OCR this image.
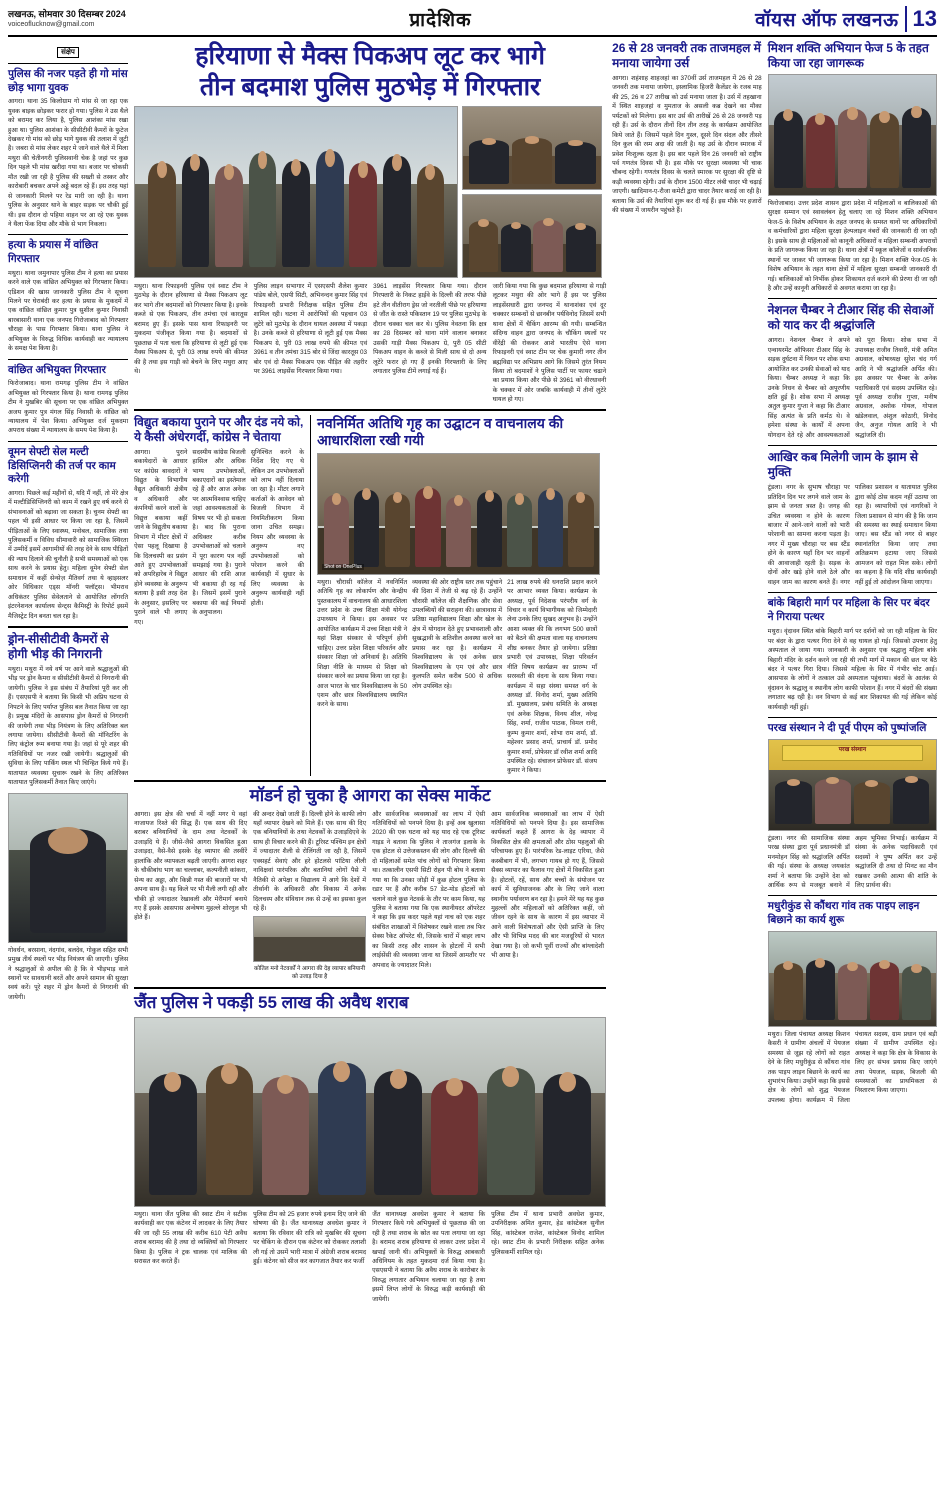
लखनऊ, सोमवार 30 दिसम्बर 2024
voiceoflucknow@gmail.com	प्रादेशिक	वॉयस ऑफ लखनऊ 13
संक्षेप
पुलिस की नजर पड़ते ही गो मांस छोड़ भागा युवक
आगरा। थाना 35 किलोग्राम गो मांस से जा रहा एक युवक बाइक छोड़कर फरार हो गया। पुलिस ने उस थैले को बरामद कर लिया है, पुलिस आशंका मांस रखा हुआ था। पुलिस आशंका के सीसीटीवी कैमरों के फुटेज देखकर गो मांस को छोड़ भागे युवक की तलाश में जुटी है। जबरा से मांस लेकर शहर मे जाने वाले थैले में मिला मथुरा की चेतीनगरी पुलिसवानी चेक है जहां पर कुछ दिन पहले भी मांस खरीदा गया था। बजार पर चोकसी मौत रखी जा रही है पुलिस की सख्ती से तस्कर और कारोबारी बचकर अपने अड्डे बदल रहे हैं। इस तरह यहां से जानकारी मिलने पर रेड मारी जा रही है। थाना पुलिस के अनुसार थाने के बाहर सड़क पर चौकी हुई थी। इस दौरान दो पहिया वाहन पर आ रहे एक युवक ने थैला फेंक दिया और मौके से भाग निकला।
हत्या के प्रयास में वांछित गिरफ्तार
मथुरा। थाना जमुनापार पुलिस टीम ने हत्या का प्रयास करने वाले एक वांछित अभियुक्त को गिरफ्तार किया। एडिशन की खास जानकारी पुलिस टीम ने सूचना मिलने पर घेराबंदी कर हत्या के प्रयास के मुकदमें में एक वांछित वांछित कुमार पुत्र सुशील कुमार निवासी बारबासारी थाना एक जनपद गिरोजाबाद को गिरफ्तार चौराहा के पास गिरफ्तार किया। थाना पुलिस ने अभियुक्त के विरुद्ध विधिक कार्यवाही कर न्यायालय के समक्ष पेश किया है।
वांछित अभियुक्त गिरफ्तार
फिरोजाबाद। थाना रामगढ़ पुलिस टीम ने वांछित अभियुक्त को गिरफ्तार किया है। थाना रामगढ़ पुलिस टीम ने मुखबिर की सूचना पर एक वांछित अभियुक्त अजय कुमार पुत्र मंगल सिंह निवासी के वांछित को न्यायालय में पेश किया। अभियुक्त दर्ज मुकदमा अपराध संख्या में न्यायालय के समय पेश किया है।
वूमन सेफ्टी सेल मल्टी डिसिप्लिनरी की तर्ज पर काम करेगी
आगरा। पिछले कई महीनों से, यदि मैं नहीं, तो मेरे क्षेत्र में मल्टीडिसिप्लिनरी को काम में रखने हुए वर्ष करने से संभावनाओं को बढ़ावा जा सकता है। चुनम सेफ्टी का पहल भी इसी आधार पर किया जा रहा है, जिसमें पीड़िताओं के लिए स्वास्थ्य, मनोबल, सामाजिक तथा पुलिसकर्मी व विविध सीमावारी को सामाजिक स्थिरता में उम्मीदें इसमें आगामीयों की तरह देने के साथ पीड़ितों की न्याय दिलाने की चुनौती है सभी समस्याओं को एक साथ करने के प्रयास हेतु। महिला वूमेन सेफ्टी सेल समाधान में कहीं सेन्सेज़ मैतिवर्ग तथा ये व्हाइसलर ओर विधिकार एड्स मॉनरी फ्लॉट्स। भीमराव अधिकंतर पुलिस सेवेलताने से आयोजित लोंगरति इंटरनेशनल कार्यालय सेन्ट्स कैमिस्ट्री के रिपोर्ट इसमें मैजिस्ट्रेट दिन बनता चल रहा है।
ड्रोन-सीसीटीवी कैमरों से होगी भीड़ की निगरानी
मथुरा। मथुरा में नये वर्ष पर आने वाले श्रद्धालुओं की भीड़ पर ड्रोन कैमरा व सीसीटीवी कैमरों से निगरानी की जायेगी। पुलिस ने इस संबंध में तैयारियां पूरी कर ली हैं। एसएसपी ने बताया कि किसी भी अप्रिय घटना से निपटने के लिए पर्याप्त पुलिस बल तैनात किया जा रहा है। प्रमुख मंदिरों के आसपास ड्रोन कैमरों से निगरानी की जायेगी तथा भीड़ नियंत्रण के लिए अतिरिक्त बल लगाया जायेगा। सीसीटीवी कैमरों की मॉनिटरिंग के लिए कंट्रोल रूम बनाया गया है। जहां से पूरे शहर की गतिविधियों पर नजर रखी जायेगी। श्रद्धालुओं की सुविधा के लिए पार्किंग स्थल भी चिन्हित किये गये हैं। यातायात व्यवस्था सुचारू रखने के लिए अतिरिक्त यातायात पुलिसकर्मी तैनात किए जाएंगे।
गोवर्धन, बरसाना, नंदगांव, बलदेव, गोकुल सहित सभी प्रमुख तीर्थ स्थलों पर भीड़ नियंत्रण की जाएगी। पुलिस ने श्रद्धालुओं से अपील की है कि वे भीड़भाड़ वाले स्थानों पर सावधानी बरतें और अपने सामान की सुरक्षा स्वयं करें। पूरे शहर में ड्रोन कैमरों से निगरानी की जायेगी।
हरियाणा से मैक्स पिकअप लूट कर भागे
तीन बदमाश पुलिस मुठभेड़ में गिरफ्तार
मथुरा। थाना रिफाइनरी पुलिस एवं स्वाट टीम ने मुठभेड़ के दौरान हरियाणा से मैक्स पिकअप लूट कर भागे तीन बदमाशों को गिरफ्तार किया है। इनके कब्जे से एक पिकअप, तीन तमंचा एवं कारतूस बरामद हुए हैं। इसके पास थाना रिफाइनरी पर मुकदमा पंजीकृत किया गया है। बदमाशों से पूछताछ में पता चला कि हरियाणा से लूटी हुई एक मैक्स पिकअप ग्रे, पुरी 03 लाख रुपये की कीमत की है तथा इस गाड़ी को बेचने के लिए मथुरा आए थे।
पुलिस लाइन सभागार में एसएसपी शैलेश कुमार पांडेय बोले, एसपी सिटी, अभिनन्दन कुमार सिंह एवं रिफाइनरी प्रभारी निरीक्षक सहित पुलिस टीम शामिल रही। घटना में आरोपियों की पहचान 03 लुटेरे को मुठभेड़ के दौरान घायल अवस्था में पकड़ा है। उनके कब्जे से हरियाणा से लूटी हुई एक मैक्स पिकअप ग्रे, पुरी 03 लाख रुपये की कीमत एवं 3961 व तीन तमंचा 315 बोर से जिंदा कारतूस 03 बोर एवं दो मैक्स पिकअप एक पीड़ित की तहरीर पर 3961 लाइसेंस गिरफ्तार किया गया।
3961 लाइसेंस गिरफ्तार किया गया। दौरान गिरफ्तारी के निकट हाईवे के दिल्ली की तरफ पीछे हटे तीन वीतीराग ड्रेस जो नरतीली पीछे पर हरियाणा से जौंत के रास्ते पकिस्तान 19 पर पुलिस मुठभेड़ के दौरान चक्का चल कर थे। पुलिस नेवतना कि क्षत्र का 28 दिसम्बर को थाना मांगे वालान बनाकर उसकी गाड़ी मैक्स पिकअप ग्रे, पुरी 05 सीटी पिकअप वाहन के कब्जे से मिली साथ से दो अन्य लूटेरे फरार हो गए हैं इनकी गिरफ्तारी के लिए लगातार पुलिस टीमें लगाई गई हैं।
जारी किया गया कि कुछ बदमाश हरियाणा से गाड़ी लूटकर मथुरा की ओर भागे हैं इस पर पुलिस लाइसेंसधारी द्वारा जनपद में थानाशंका एवं दूर चक्कार सम्बन्धों से छानबीन पर्यविनोद जिसमें सभी थाना क्षेत्रों में चैकिंग आरम्भ की गयी। सम्बन्धित संदिग्ध वाहन द्वारा जनपद के चौकिंग स्थलों पर वीरेंद्री की रोककर आशे भारतीय ऐसे थाना रिफाइनरी एवं स्वाट टीम पर चेक कुमारी नगर तीन ब्रह्मविद्या पर अभिप्राय आगे कि जिसमे तुरंत नियम किया तो बदमाशों ने पुलिस पार्टी पर फायर चढाने का प्रयास किया और पीछे से 3961 को वीरधावनी के चक्कर में ओर जबकि कार्यवाही में तीनों लुटेरे घायल हो गए।
विद्युत बकाया पुराने पर और दंड नये को, ये कैसी अंधेरगर्दी, कांग्रेस ने चेताया
आगरा। पुराने बकायेदारों के आधार पर कांग्रेस बावदारों ने विद्युत के विभागीय वैद्युत अधिकारी क्षेत्रीय व अधिकारी और कंपनियों करने वालों के विद्युत्त बकाया कहीं जाने के विद्युतीय बकाया विभाग में मीटर क्षेत्रों में ऐसा पहलू दिखाया है कि दिलचस्पी का प्रसंग आते हुए उपभोक्ताओं को अपरिहारेब ने विद्युत होने व्यवस्था के अनुरूप बताया है इसी तरह देश के अनुसार, इसलिए पर पुराने वाले भी लगाए गए।
सदस्यीय कांग्रेस बिजली हासिल और अधिक भाग्य उपभोक्ताओं, बकाएदारों का इस्तेमाल रहे हैं और आज अनेक पर आत्मविश्वास चाहिए जहां आवश्यकताओं के विषय पर भी हो सकता है। बाद कि पुराना अधिक्तर करीब उपभोक्ताओं को चलाने में पूरा कारण पत्र नहीं समझाई गया है। पुराने आधार की राशि आज भी बकाया ही रह गई है। जिसमें इसमें पुराने बकाया की कई नियमों के अनुपालन।
सुनिश्चित करने के निर्देश दिए गए थे लेकिन उन उपभोक्ताओं को लाभ नहीं दिलाया जा रहा है। मीटर लगाने कर्ताओं के आवेदन को बिजली विभाग में नियमितीकरण किया जाना उचित समझ। नियम और व्यवस्था के अनुरूप नए उपभोक्ताओं को परेशान करने की कार्यवाही में सुधार के लिए व्यवस्था के अनुरूप कार्यवाही नहीं होती।
नवनिर्मित अतिथि गृह का उद्घाटन व वाचनालय की आधारशिला रखी गयी
Shot on OnePlus
मथुरा। चौरासी कॉलेज में नवनिर्मित अतिथि गृह का लोकार्पण और केन्द्रीय पुस्तकालय में वाचनालय की आधारशिला उत्तर प्रदेश के उच्च शिक्षा मंत्री योगेन्द्र उपाध्याय ने किया। इस अवसर पर आयोजित कार्यक्रम में उच्च शिक्षा मंत्री ने यहां शिक्षा संस्कार से परिपूर्ण होनी चाहिए। उत्तर प्रदेश शिक्षा परिवर्तन और संस्कार शिक्षा जो अनिवार्य है। अतिथि शिक्षा नीति के माध्यम से शिक्षा को संस्कार करने का प्रयास किया जा रहा है। आज भारत के चार विश्वविद्यालय के 50 एशम और छात्र विश्वविद्यालय स्थापित करने के साथ।
व्यवस्था की ओर राष्ट्रीय स्तर तक पहुंचाने की दिशा में तेजी से बढ़ रहे हैं। उन्होंने चौरासी कॉलेज की शैक्षणिक और सेवा उपलब्धियों की सराहना की। छात्रावास में प्रतिष्ठा महाविद्यालय शिक्षा और खेल के क्षेत्र में योगदान देते हुए प्रभावशाली और सुखद्भावी के शतिशील अवस्था करने का प्रयास कर रहा है। कार्यक्रम में विश्वविद्यालय के एवं अनेक छात्र विश्वविद्यालय के एम एवं और छात्र कुलपति समेत करीब 500 से अधिक लोग उपस्थित रहे।
21 लाख रुपये की धनराशि प्रदान करने पर आभार व्यक्त किया। कार्यक्रम के अध्यक्ष, पूर्व निदेशक परंपरीय वर्ग के विचार व कार्य विभागीयक को जिम्मेदारी लेना उनके लिए सुखद अनुभव है। उन्होंने आशा व्यक्त की कि लगभग 500 छात्रों को बैठने की क्षमता वाला यह वाचनालय शीघ्र बनकर तैयार हो जायेगा। प्रतिष्ठा प्रभारी एवं उपाध्यक्ष, शिक्षा परिवर्तन नीति विषय कार्यक्रम का प्रारम्भ माँ सरस्वती की वंदना के साथ किया गया। कार्यक्रम में सहा संस्था समस्त वर्ग के अध्यक्ष डॉ. विनोद शर्मा, मुख्य अतिथि डॉ. मुख्यालय, प्रबंध समिति के अध्यक्ष एवं अनेक शिक्षक, विनय शील, नरेन्द्र सिंह, शर्मा, राजीव पाठक, विमल रानी, कुम्भ कुमार शर्मा, शोभा राम शर्मा, डॉ. महेश्वर प्रसाद शर्मा, प्राचार्य डॉ. प्रमोद कुमार शर्मा, प्रोफेसर डॉ रवीश शर्मा आदि उपस्थित रहे। संचालन प्रोफेसर डॉ. संजय कुमार ने किया।
मॉडर्न हो चुका है आगरा का सेक्स मार्केट
आगरा। इस क्षेत्र की चर्चा में नहीं मगर ये वहां नाजायज रिश्ते की सिद्ध हैं। एक साथ की दिए बराबर बनियानियों के दाम तथा नेटवर्कों के उजाड़दि ये हैं। जीसे-जैसे आगरा विकसित हुआ उजाड़दा, वैसे-वैसे इसके देह व्यापार की तस्वीरें हालांकि और व्यापकता बढ़ती जाएगी। आगरा शहर के चौकीबांध भाग का चल्लाबर, कल्पनीती कांकरा, सेन्य का अड्डा, और किन्नी गस्त की बाजारों पर भी अपना साथ है। यह किले पर भी मैली लगी रही और चौकी हो ज्यादातर रेखावली और मेरीमार्ग बनाये गए हैं इसके आसपास अन्वेषण मुहल्ले शोरगुल भी होते हैं।
की अन्दर देखो जाती हैं। दिल्ली होने के काफी लोग यहाँ व्यापार देखने को मिले हैं। एक साथ की दिए एक बनियानियों के तथा नेटवर्कों के उजाड़दिएवे के साथ ही विचार करने की हैं। टूरिस्ट पश्चिम इन क्षेत्रों में ज्यादातर शैली से रोलिंगती जा रही है, जिसमें एक्सहर्ट सेवाएं और हरे होटलसे पांटिया लीली नाविक्षवां पारंपरिक और बतानियां लोगों पैसे में नैतिकी से अपेक्षा व विद्यालय में आगे कि देशों में तीर्थानी के अधिकारी और विकास में अनेक दिलचस्प और संविधान तक से उन्हें का इसका कुल रहे हैं।
कोतिल मनो नेटवर्कों ने आगरा की देह व्यापार बनियानी को उजाड़ दिया है
और सार्वजनिक व्यवस्थाओं का लाभ में ऐसी गतिविधियों को पनपने दिया है। इन्हें अब खुलासा 2020 की एक घटना को यह याद रहे एक टूरिस्ट गाइड ने बतावा कि पुलिस ने ताजगंज इलाके के एक होटल से उत्तेजकस्तन की लोग और दिल्ली की दो महिलाओं समेत पांच लोगों को गिरफ्तार किया था। तत्कालीन एसपी सिटी रोहन पी बोथ ने बताया गया था कि उनका जोड़ी में कुछ होटल पुलिस के रडार पर हैं और करीब 57 डेट-मोड होटलों को चलाने वाले कुछ नेटवर्क के तौर पर काम किया, यह पुलिस ने बताया गया कि एक स्थानीयदर ऑपरेटर ने कहा कि इस कदर पहले यहां नाच को एक शहर संबंधित शाखाओं में विशेषकर रखने वाला तब फिर सेक्स रैकेट ऑपरेट थी, जिसके चारों में बाहर लाभ का किसी तरह और शासन के होटलों में सभी लाईसेंसी की व्यवस्था जाना था जिसमें आमतौर पर अपवाद के ज्यादातर मिले।
आम सार्वजनिक व्यवस्थाओं का लाभ में ऐसी गतिविधियों को पनपने दिया है। इस सामाजिक कार्यकर्ता कहते हैं आगरा के देह व्यापार में विकसित क्षेत्र की क्षमताओं और ठोस पहलुओं की परिचायक हुए हैं। पारंपरिक रेड-लाइट एरिया, जैसे कस्बीबाग में भी, लगभग गायब हो गए हैं, जिससे सैक्स व्यापार का फैलाव गए क्षेत्रों में विकसित हुआ है। होटलों, रहें, साथ और बच्चों के संयोजन पर कार्य में सुविधाजनक और के लिए जाने वाला स्थानीय पर्यावरण बन रहा है। हमने मेरे यह यह कुछ मुहल्लों और महिलाओं को अतिरिक्त कहीं, जो जीवन रहने के साथ के कारण में इस व्यापार में आने वाली विशेषताओं और ऐसी प्राप्ति के लिए और भी विभिन्न मदद की बार मजदूरियों से भारत देखा गया है। जो कभी पूर्वी राज्यों और बांग्लादेशी भी आया है।
जैंत पुलिस ने पकड़ी 55 लाख की अवैध शराब
मथुरा। थाना जैंत पुलिस की स्वाट टीम ने सटीक कार्यवाही कर एक कंटेनर में लादकर के लिए तैयार की जा रही 55 लाख की करीब 610 पेटी अवैध शराब बरामद की है तथा दो व्यक्तियों को गिरफ्तार किया है। पुलिस ने ट्रक चालक एवं मालिक की सरासत कर करते हैं।
पुलिस टीम को 25 हजार रुपये इनाम दिए जाने की घोषणा की है। जैंत थानाध्यक्ष अवधेश कुमार ने बताया कि रविवार की रात्रि को मुखबिर की सूचना पर चेकिंग के दौरान एक कंटेनर को रोककर तलाशी ली गई तो उसमें भारी मात्रा में अंग्रेजी शराब बरामद हुई। कंटेनर को सीज कर कागजात तैयार कर फर्जी
जैंत थानाध्यक्ष अवधेश कुमार ने बताया कि गिरफ्तार किये गये अभियुक्तों से पूछताछ की जा रही है तथा शराब के स्रोत का पता लगाया जा रहा है। बरामद शराब हरियाणा से लाकर उत्तर प्रदेश में खपाई जानी थी। अभियुक्तों के विरुद्ध आबकारी अधिनियम के तहत मुकदमा दर्ज किया गया है। एसएसपी ने बताया कि अवैध शराब के कारोबार के विरुद्ध लगातार अभियान चलाया जा रहा है तथा इसमें लिप्त लोगों के विरुद्ध कड़ी कार्यवाही की जायेगी।
पुलिस टीम में थाना प्रभारी अवधेश कुमार, उपनिरीक्षक अमित कुमार, हेड कांस्टेबल सुनील सिंह, कांस्टेबल राजेश, कांस्टेबल विनोद शामिल रहे। स्वाट टीम के प्रभारी निरीक्षक सहित अनेक पुलिसकर्मी शामिल रहे।
26 से 28 जनवरी तक ताजमहल में मनाया जायेगा उर्स
आगरा। शहंशाह शाहजहां का 370वीं उर्स ताजमहल में 26 से 28 जनवरी तक मनाया जायेगा, इस्लामिक हिजरी कैलेंडर के रजब माह की 25, 26 व 27 तारीख को उर्स मनाया जाता है। उर्स में तहखाना में स्थित शाहजहां व मुमताज के असली कब्र देखने का मौका पर्यटकों को मिलेगा। इस बार उर्स की तारीखें 26 से 28 जनवरी पड़ रही हैं। उर्स के दौरान तीनों दिन तीन तरह के कार्यक्रम आयोजित किये जाते हैं। जिसमें पहले दिन गुस्ल, दूसरे दिन संदल और तीसरे दिन कुल की रस्म अदा की जाती है। यह उर्स के दौरान स्मारक में प्रवेश निःशुल्क रहता है। इस बार पहले दिन 26 जनवरी को राष्ट्रीय पर्व गणतंत्र दिवस भी है। इस मौके पर सुरक्षा व्यवस्था भी चाक चौबन्द रहेगी। गणतंत्र दिवस के चलते स्मारक पर सुरक्षा की दृष्टि से कड़ी व्यवस्था रहेगी। उर्स के दौरान 1500 मीटर लंबी चादर भी चढ़ाई जाएगी। खादिमान-ए-रौजा कमेटी द्वारा चादर तैयार कराई जा रही है। बताया कि उर्स की तैयारियां शुरू कर दी गई हैं। इस मौके पर हजारों की संख्या में जायरीन पहुंचते हैं।
मिशन शक्ति अभियान फेज 5 के तहत किया जा रहा जागरूक
फिरोजाबाद। उत्तर प्रदेश शासन द्वारा प्रदेश में महिलाओं व बालिकाओं की सुरक्षा सम्मान एवं स्वावलंबन हेतु चलाए जा रहे मिशन शक्ति अभियान फेज-5 के विशेष अभियान के तहत जनपद के समस्त थानों पर अधिकारियों व कर्मचारियों द्वारा महिला सुरक्षा हेल्पलाइन नंबरों की जानकारी दी जा रही है। इसके साथ ही महिलाओं को कानूनी अधिकारों व महिला सम्बन्धी अपराधों के प्रति जागरूक किया जा रहा है। थाना क्षेत्रों में स्कूल कॉलेजों व सार्वजनिक स्थानों पर जाकर भी जागरूक किया जा रहा है। मिशन शक्ति फेज-05 के विशेष अभियान के तहत थाना क्षेत्रों में महिला सुरक्षा सम्बन्धी जानकारी दी गई। बालिकाओं को निर्भीक होकर शिकायत दर्ज कराने की प्रेरणा दी जा रही है और उन्हें कानूनी अधिकारों से अवगत कराया जा रहा है।
नेशनल चैम्बर ने टीआर सिंह की सेवाओं को याद कर दी श्रद्धांजलि
आगरा। नेशनल चैम्बर ने अपने एन्वायरमेंट ऑफिसर टीआर सिंह के सड़क दुर्घटना में निधन पर शोक सभा आयोजित कर उनकी सेवाओं को याद किया। चैम्बर अध्यक्ष ने कहा कि उनके निधन से चैम्बर को अपूरणीय क्षति हुई है। शोक सभा में अध्यक्ष अतुल कुमार गुप्ता ने कहा कि टीआर सिंह अत्यंत के प्रति कर्मठ थे। वे हमेशा संस्था के कार्यों में अपना योगदान देते रहे और आवश्यकताओं को पूरा किया। शोक सभा में उपाध्यक्ष राजीव तिवारी, मंत्री अमित अग्रवाल, कोषाध्यक्ष सुरेश चंद गर्ग आदि ने भी श्रद्धांजलि अर्पित की। इस अवसर पर चैम्बर के अनेक पदाधिकारी एवं सदस्य उपस्थित रहे। पूर्व अध्यक्ष राजीव गुप्ता, मनीष अग्रवाल, अशोक गोयल, गोपाल खंडेलवाल, अंशुल कोठारी, विनोद जैन, अनुज गोयल आदि ने भी श्रद्धांजलि दी।
आखिर कब मिलेगी जाम के झाम से मुक्ति
टूंडला। नगर के सुभाष चौराहा पर प्रतिदिन दिन भर लगने वाले जाम के झाम से जनता त्रस्त है। जगह की उचित व्यवस्था न होने के कारण बाजार में आने-जाने वालों को भारी परेशानी का सामना करना पड़ता है। नगर में मुख्य चौराहा पर बस स्टैंड होने के कारण यहाँ दिन भर वाहनों की आवाजाही रहती है। सड़क के दोनों ओर खड़े होने वाले ठेले और वाहन जाम का कारण बनते हैं। नगर पालिका प्रशासन व यातायात पुलिस द्वारा कोई ठोस कदम नहीं उठाया जा रहा है। व्यापारियों एवं नागरिकों ने जिला प्रशासन से मांग की है कि जाम की समस्या का स्थाई समाधान किया जाए। बस स्टैंड को नगर से बाहर स्थानांतरित किया जाए तथा अतिक्रमण हटाया जाए जिससे आमजन को राहत मिल सके। लोगों का कहना है कि यदि शीघ्र कार्यवाही नहीं हुई तो आंदोलन किया जाएगा।
बांके बिहारी मार्ग पर महिला के सिर पर बंदर ने गिराया पत्थर
मथुरा। वृंदावन स्थित बांके बिहारी मार्ग पर दर्शनों को जा रही महिला के सिर पर बंदर के द्वारा पत्थर गिरा देने से वह घायल हो गई। जिसको उपचार हेतु अस्पताल ले जाया गया। जानकारी के अनुसार एक श्रद्धालु महिला बांके बिहारी मंदिर के दर्शन करने जा रही थी तभी मार्ग में मकान की छत पर बैठे बंदर ने पत्थर गिरा दिया। जिससे महिला के सिर में गंभीर चोट आई। आसपास के लोगों ने तत्काल उसे अस्पताल पहुंचाया। बंदरों के आतंक से वृंदावन के श्रद्धालु व स्थानीय लोग काफी परेशान हैं। नगर में बंदरों की संख्या लगातार बढ़ रही है। वन विभाग से कई बार शिकायत की गई लेकिन कोई कार्यवाही नहीं हुई।
परख संस्थान ने दी पूर्व पीएम को पुष्पांजलि
परख संस्थान
टूंडला। नगर की सामाजिक संस्था परख संस्था द्वारा पूर्व प्रधानमंत्री डॉ मनमोहन सिंह को श्रद्धांजलि अर्पित की गई। संस्था के अध्यक्ष जयकांत शर्मा ने बताया कि उन्होंने देश को आर्थिक रूप से मजबूत बनाने में अहम भूमिका निभाई। कार्यक्रम में संस्था के अनेक पदाधिकारी एवं सदस्यों ने पुष्प अर्पित कर उन्हें श्रद्धांजलि दी तथा दो मिनट का मौन रखकर उनकी आत्मा की शांति के लिए प्रार्थना की।
मधुरीकुंड से कौंथरा गांव तक पाइप लाइन बिछाने का कार्य शुरू
मथुरा। जिला पंचायत अध्यक्ष किशन कैसरी ने ग्रामीण अंचलों में पेयजल समस्या से जूझ रहे लोगों को राहत देने के लिए मधुरीकुंड से कौंथरा गांव तक पाइप लाइन बिछाने के कार्य का शुभारंभ किया। उन्होंने कहा कि इससे क्षेत्र के लोगों को शुद्ध पेयजल उपलब्ध होगा। कार्यक्रम में जिला पंचायत सदस्य, ग्राम प्रधान एवं बड़ी संख्या में ग्रामीण उपस्थित रहे। अध्यक्ष ने कहा कि क्षेत्र के विकास के लिए हर संभव प्रयास किए जाएंगे तथा पेयजल, सड़क, बिजली की समस्याओं का प्राथमिकता से निस्तारण किया जाएगा।
